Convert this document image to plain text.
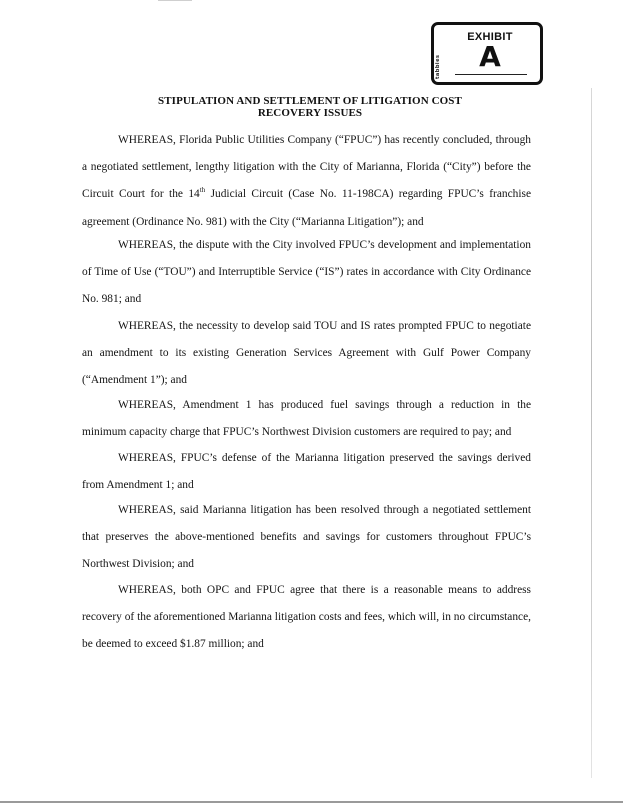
tabbies
EXHIBIT
A
STIPULATION AND SETTLEMENT OF LITIGATION COST
RECOVERY ISSUES

WHEREAS, Florida Public Utilities Company (“FPUC”) has recently concluded, through a negotiated settlement, lengthy litigation with the City of Marianna, Florida (“City”) before the Circuit Court for the 14th Judicial Circuit (Case No. 11-198CA) regarding FPUC’s franchise agreement (Ordinance No. 981) with the City (“Marianna Litigation”); and

WHEREAS, the dispute with the City involved FPUC’s development and implementation of Time of Use (“TOU”) and Interruptible Service (“IS”) rates in accordance with City Ordinance No. 981; and

WHEREAS, the necessity to develop said TOU and IS rates prompted FPUC to negotiate an amendment to its existing Generation Services Agreement with Gulf Power Company (“Amendment 1”); and

WHEREAS, Amendment 1 has produced fuel savings through a reduction in the minimum capacity charge that FPUC’s Northwest Division customers are required to pay; and

WHEREAS, FPUC’s defense of the Marianna litigation preserved the savings derived from Amendment 1; and

WHEREAS, said Marianna litigation has been resolved through a negotiated settlement that preserves the above-mentioned benefits and savings for customers throughout FPUC’s Northwest Division; and

WHEREAS, both OPC and FPUC agree that there is a reasonable means to address recovery of the aforementioned Marianna litigation costs and fees, which will, in no circumstance, be deemed to exceed $1.87 million; and
